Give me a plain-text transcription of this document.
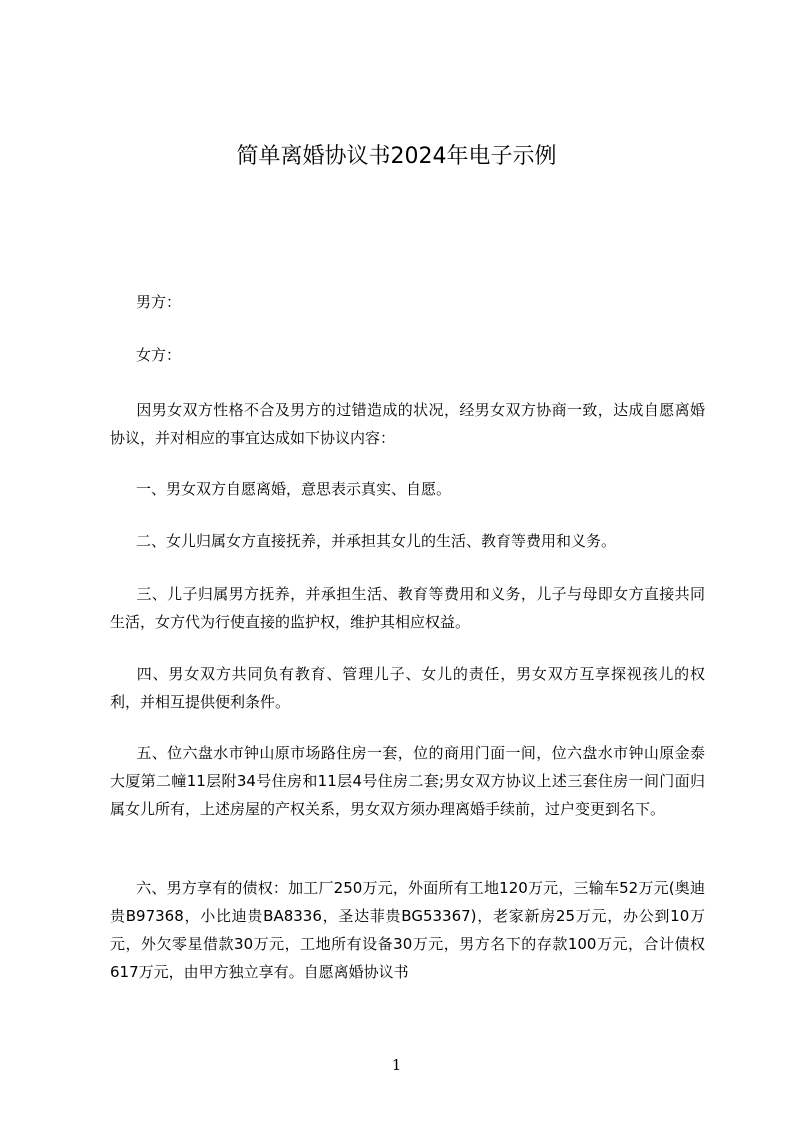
简单离婚协议书2024年电子示例
男方：
女方：
因男女双方性格不合及男方的过错造成的状况，经男女双方协商一致，达成自愿离婚协议，并对相应的事宜达成如下协议内容：
一、男女双方自愿离婚，意思表示真实、自愿。
二、女儿归属女方直接抚养，并承担其女儿的生活、教育等费用和义务。
三、儿子归属男方抚养，并承担生活、教育等费用和义务，儿子与母即女方直接共同生活，女方代为行使直接的监护权，维护其相应权益。
四、男女双方共同负有教育、管理儿子、女儿的责任，男女双方互享探视孩儿的权利，并相互提供便利条件。
五、位六盘水市钟山原市场路住房一套，位的商用门面一间，位六盘水市钟山原金泰大厦第二幢11层附34号住房和11层4号住房二套;男女双方协议上述三套住房一间门面归属女儿所有，上述房屋的产权关系，男女双方须办理离婚手续前，过户变更到名下。
六、男方享有的债权：加工厂250万元，外面所有工地120万元，三输车52万元(奥迪贵B97368，小比迪贵BA8336，圣达菲贵BG53367)，老家新房25万元，办公到10万元，外欠零星借款30万元，工地所有设备30万元，男方名下的存款100万元，合计债权617万元，由甲方独立享有。自愿离婚协议书
1
